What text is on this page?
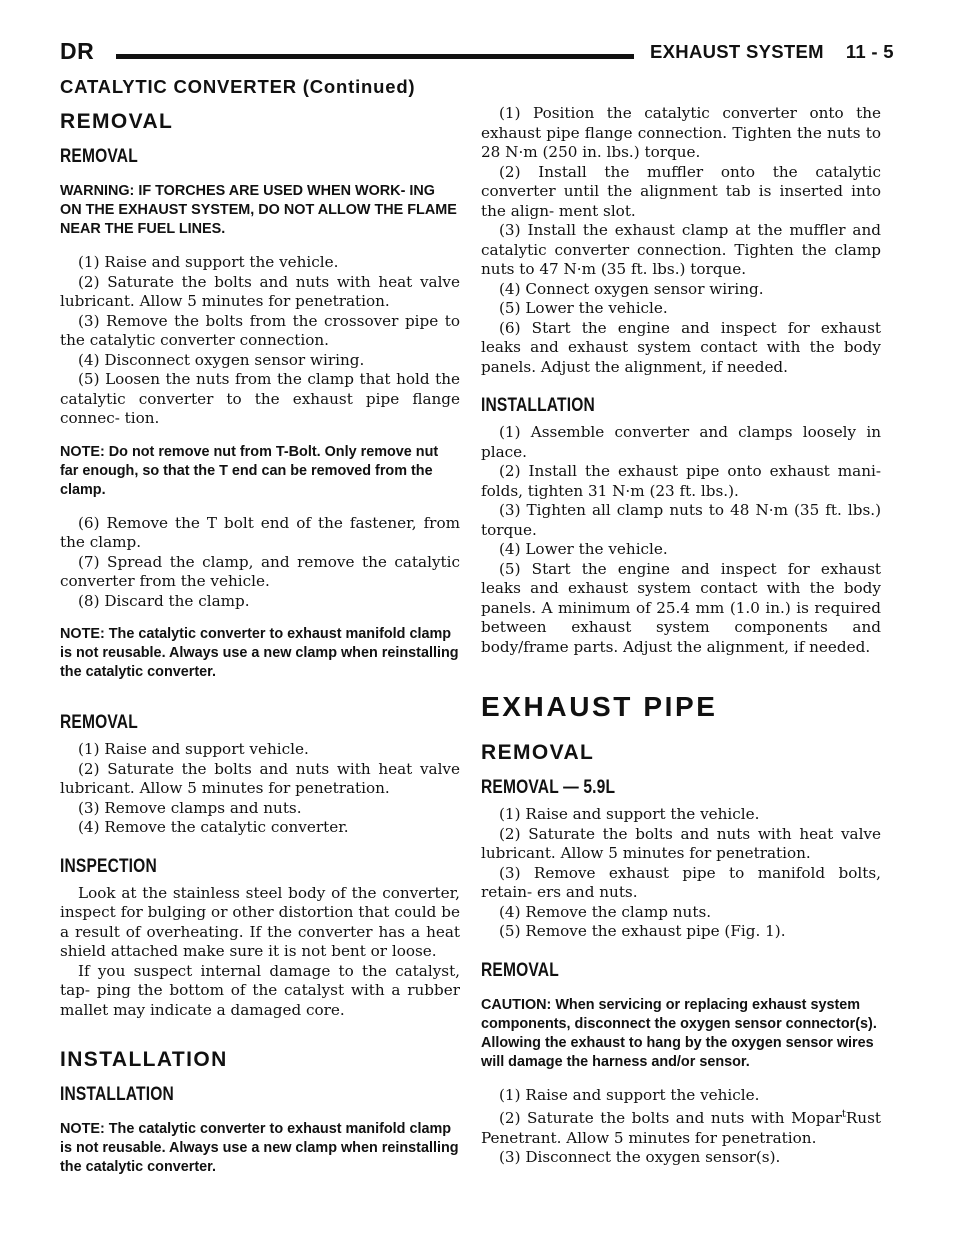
DR	EXHAUST SYSTEM 11 - 5
CATALYTIC CONVERTER (Continued)
REMOVAL
REMOVAL
WARNING: IF TORCHES ARE USED WHEN WORK- ING ON THE EXHAUST SYSTEM, DO NOT ALLOW THE FLAME NEAR THE FUEL LINES.

(1) Raise and support the vehicle.

(2) Saturate the bolts and nuts with heat valve lubricant. Allow 5 minutes for penetration.

(3) Remove the bolts from the crossover pipe to the catalytic converter connection.

(4) Disconnect oxygen sensor wiring.

(5) Loosen the nuts from the clamp that hold the catalytic converter to the exhaust pipe flange connec- tion.

NOTE: Do not remove nut from T-Bolt. Only remove nut far enough, so that the T end can be removed from the clamp.

(6) Remove the T bolt end of the fastener, from the clamp.

(7) Spread the clamp, and remove the catalytic converter from the vehicle.

(8) Discard the clamp.

NOTE: The catalytic converter to exhaust manifold clamp is not reusable. Always use a new clamp when reinstalling the catalytic converter.
REMOVAL

(1) Raise and support vehicle.

(2) Saturate the bolts and nuts with heat valve lubricant. Allow 5 minutes for penetration.

(3) Remove clamps and nuts.

(4) Remove the catalytic converter.

INSPECTION

Look at the stainless steel body of the converter, inspect for bulging or other distortion that could be a result of overheating. If the converter has a heat shield attached make sure it is not bent or loose.

If you suspect internal damage to the catalyst, tap- ping the bottom of the catalyst with a rubber mallet may indicate a damaged core.

INSTALLATION
INSTALLATION
NOTE: The catalytic converter to exhaust manifold clamp is not reusable. Always use a new clamp when reinstalling the catalytic converter.

(1) Position the catalytic converter onto the exhaust pipe flange connection. Tighten the nuts to 28 N·m (250 in. lbs.) torque.

(2) Install the muffler onto the catalytic converter until the alignment tab is inserted into the align- ment slot.

(3) Install the exhaust clamp at the muffler and catalytic converter connection. Tighten the clamp nuts to 47 N·m (35 ft. lbs.) torque.

(4) Connect oxygen sensor wiring.

(5) Lower the vehicle.

(6) Start the engine and inspect for exhaust leaks and exhaust system contact with the body panels. Adjust the alignment, if needed.

INSTALLATION

(1) Assemble converter and clamps loosely in place.

(2) Install the exhaust pipe onto exhaust mani- folds, tighten 31 N·m (23 ft. lbs.).

(3) Tighten all clamp nuts to 48 N·m (35 ft. lbs.) torque.

(4) Lower the vehicle.

(5) Start the engine and inspect for exhaust leaks and exhaust system contact with the body panels. A minimum of 25.4 mm (1.0 in.) is required between exhaust system components and body/frame parts. Adjust the alignment, if needed.

EXHAUST PIPE
REMOVAL
REMOVAL — 5.9L

(1) Raise and support the vehicle.

(2) Saturate the bolts and nuts with heat valve lubricant. Allow 5 minutes for penetration.

(3) Remove exhaust pipe to manifold bolts, retain- ers and nuts.

(4) Remove the clamp nuts.

(5) Remove the exhaust pipe (Fig. 1).

REMOVAL
CAUTION: When servicing or replacing exhaust system components, disconnect the oxygen sensor connector(s). Allowing the exhaust to hang by the oxygen sensor wires will damage the harness and/or sensor.

(1) Raise and support the vehicle.

(2) Saturate the bolts and nuts with Mopar$^t$Rust Penetrant. Allow 5 minutes for penetration.

(3) Disconnect the oxygen sensor(s).
